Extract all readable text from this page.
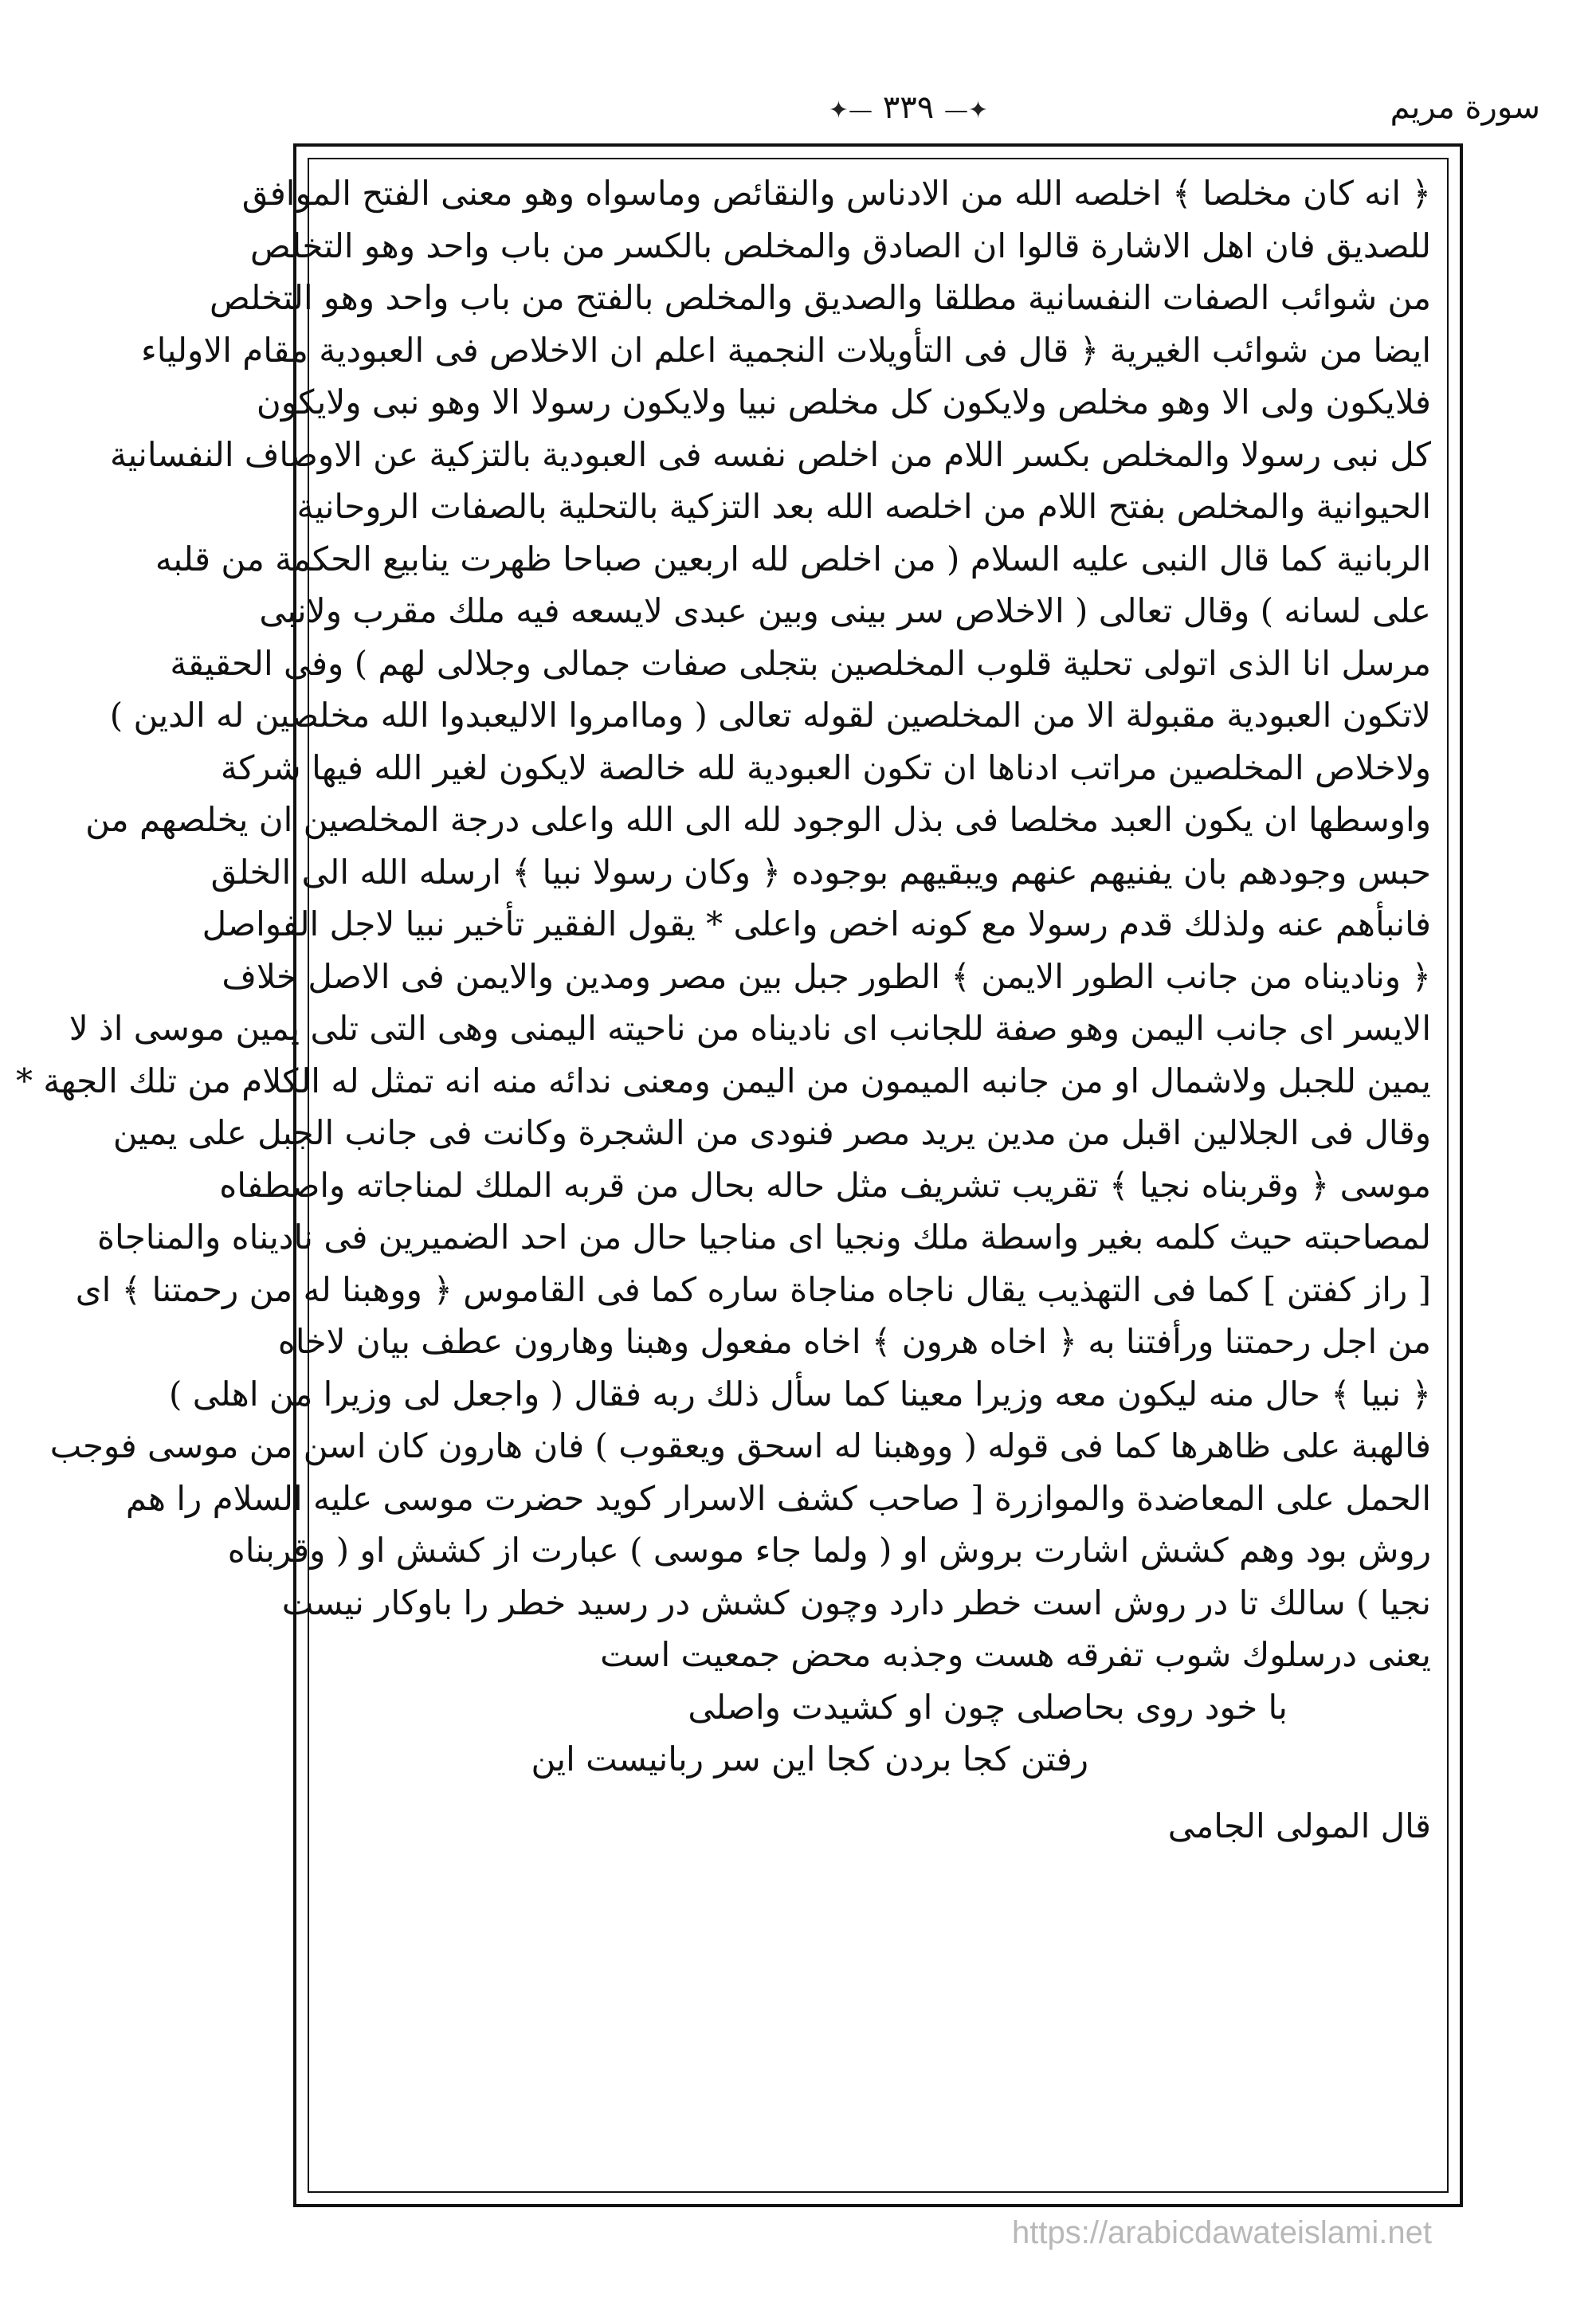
سورة مريم
✦— ٣٣٩ —✦
﴿ انه كان مخلصا ﴾ اخلصه الله من الادناس والنقائص وماسواه وهو معنى الفتح الموافق
للصديق فان اهل الاشارة قالوا ان الصادق والمخلص بالكسر من باب واحد وهو التخلص
من شوائب الصفات النفسانية مطلقا والصديق والمخلص بالفتح من باب واحد وهو التخلص
ايضا من شوائب الغيرية ﴿ قال فى التأويلات النجمية اعلم ان الاخلاص فى العبودية مقام الاولياء
فلايكون ولى الا وهو مخلص ولايكون كل مخلص نبيا ولايكون رسولا الا وهو نبى ولايكون
كل نبى رسولا والمخلص بكسر اللام من اخلص نفسه فى العبودية بالتزكية عن الاوصاف النفسانية
الحيوانية والمخلص بفتح اللام من اخلصه الله بعد التزكية بالتحلية بالصفات الروحانية
الربانية كما قال النبى عليه السلام ( من اخلص لله اربعين صباحا ظهرت ينابيع الحكمة من قلبه
على لسانه ) وقال تعالى ( الاخلاص سر بينى وبين عبدى لايسعه فيه ملك مقرب ولانبى
مرسل انا الذى اتولى تحلية قلوب المخلصين بتجلى صفات جمالى وجلالى لهم ) وفى الحقيقة
لاتكون العبودية مقبولة الا من المخلصين لقوله تعالى ( وماامروا الاليعبدوا الله مخلصين له الدين )
ولاخلاص المخلصين مراتب ادناها ان تكون العبودية لله خالصة لايكون لغير الله فيها شركة
واوسطها ان يكون العبد مخلصا فى بذل الوجود لله الى الله واعلى درجة المخلصين ان يخلصهم من
حبس وجودهم بان يفنيهم عنهم ويبقيهم بوجوده ﴿ وكان رسولا نبيا ﴾ ارسله الله الى الخلق
فانبأهم عنه ولذلك قدم رسولا مع كونه اخص واعلى * يقول الفقير تأخير نبيا لاجل الفواصل
﴿ وناديناه من جانب الطور الايمن ﴾ الطور جبل بين مصر ومدين والايمن فى الاصل خلاف
الايسر اى جانب اليمن وهو صفة للجانب اى ناديناه من ناحيته اليمنى وهى التى تلى يمين موسى اذ لا
يمين للجبل ولاشمال او من جانبه الميمون من اليمن ومعنى ندائه منه انه تمثل له الكلام من تلك الجهة *
وقال فى الجلالين اقبل من مدين يريد مصر فنودى من الشجرة وكانت فى جانب الجبل على يمين
موسى ﴿ وقربناه نجيا ﴾ تقريب تشريف مثل حاله بحال من قربه الملك لمناجاته واصطفاه
لمصاحبته حيث كلمه بغير واسطة ملك ونجيا اى مناجيا حال من احد الضميرين فى ناديناه والمناجاة
[ راز كفتن ] كما فى التهذيب يقال ناجاه مناجاة ساره كما فى القاموس ﴿ ووهبنا له من رحمتنا ﴾ اى
من اجل رحمتنا ورأفتنا به ﴿ اخاه هرون ﴾ اخاه مفعول وهبنا وهارون عطف بيان لاخاه
﴿ نبيا ﴾ حال منه ليكون معه وزيرا معينا كما سأل ذلك ربه فقال ( واجعل لى وزيرا من اهلى )
فالهبة على ظاهرها كما فى قوله ( ووهبنا له اسحق ويعقوب ) فان هارون كان اسن من موسى فوجب
الحمل على المعاضدة والموازرة [ صاحب كشف الاسرار كويد حضرت موسى عليه السلام را هم
روش بود وهم كشش اشارت بروش او ( ولما جاء موسى ) عبارت از كشش او ( وقربناه
نجيا ) سالك تا در روش است خطر دارد وچون كشش در رسيد خطر را باوكار نيست
يعنى درسلوك شوب تفرقه هست وجذبه محض جمعيت است
با خود روى بحاصلى چون او كشيدت واصلى
رفتن كجا بردن كجا اين سر ربانيست اين
قال المولى الجامى
https://arabicdawateislami.net
